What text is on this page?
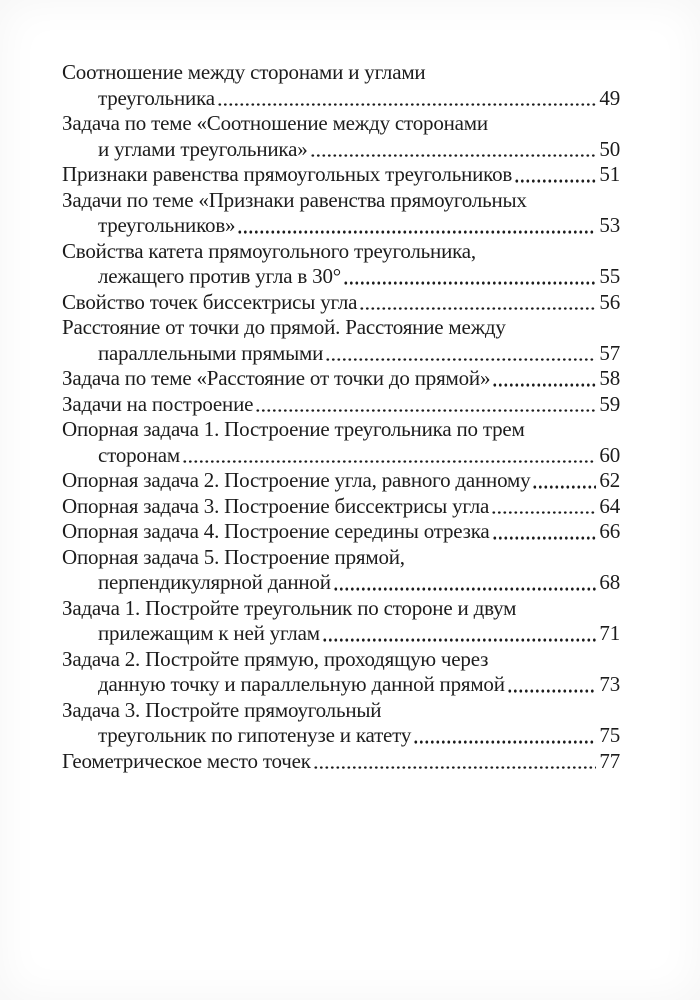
Соотношение между сторонами и углами
треугольника	49
Задача по теме «Соотношение между сторонами
и углами треугольника»	50
Признаки равенства прямоугольных треугольников	51
Задачи по теме «Признаки равенства прямоугольных
треугольников»	53
Свойства катета прямоугольного треугольника,
лежащего против угла в 30°	55
Свойство точек биссектрисы угла	56
Расстояние от точки до прямой. Расстояние между
параллельными прямыми	57
Задача по теме «Расстояние от точки до прямой»	58
Задачи на построение	59
Опорная задача 1. Построение треугольника по трем
сторонам	60
Опорная задача 2. Построение угла, равного данному	62
Опорная задача 3. Построение биссектрисы угла	64
Опорная задача 4. Построение середины отрезка	66
Опорная задача 5. Построение прямой,
перпендикулярной данной	68
Задача 1. Постройте треугольник по стороне и двум
прилежащим к ней углам	71
Задача 2. Постройте прямую, проходящую через
данную точку и параллельную данной прямой	73
Задача 3. Постройте прямоугольный
треугольник по гипотенузе и катету	75
Геометрическое место точек	77
